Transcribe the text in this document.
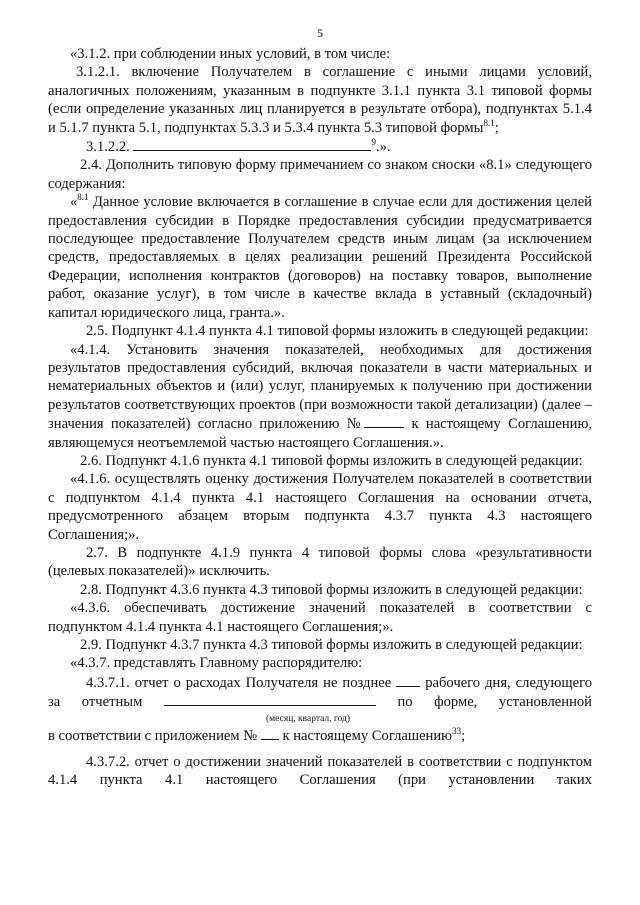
5

«3.1.2. при соблюдении иных условий, в том числе:

3.1.2.1. включение Получателем в соглашение с иными лицами условий, аналогичных положениям, указанным в подпункте 3.1.1 пункта 3.1 типовой формы (если определение указанных лиц планируется в результате отбора), подпунктах 5.1.4 и 5.1.7 пункта 5.1, подпунктах 5.3.3 и 5.3.4 пункта 5.3 типовой формы$^{8.1}$;

3.1.2.2.	$^9$.».

2.4. Дополнить типовую форму примечанием со знаком сноски «8.1» следующего содержания:

«$^{8.1}$ Данное условие включается в соглашение в случае если для достижения целей предоставления субсидии в Порядке предоставления субсидии предусматривается последующее предоставление Получателем средств иным лицам (за исключением средств, предоставляемых в целях реализации решений Президента Российской Федерации, исполнения контрактов (договоров) на поставку товаров, выполнение работ, оказание услуг), в том числе в качестве вклада в уставный (складочный) капитал юридического лица, гранта.».

2.5. Подпункт 4.1.4 пункта 4.1 типовой формы изложить в следующей редакции:

«4.1.4. Установить значения показателей, необходимых для достижения результатов предоставления субсидий, включая показатели в части материальных и нематериальных объектов и (или) услуг, планируемых к получению при достижении результатов соответствующих проектов (при возможности такой детализации) (далее – значения показателей) согласно приложению №	к настоящему Соглашению, являющемуся неотъемлемой частью настоящего Соглашения.».

2.6. Подпункт 4.1.6 пункта 4.1 типовой формы изложить в следующей редакции:

«4.1.6. осуществлять оценку достижения Получателем показателей в соответствии с подпунктом 4.1.4 пункта 4.1 настоящего Соглашения на основании отчета, предусмотренного абзацем вторым подпункта 4.3.7 пункта 4.3 настоящего Соглашения;».

2.7. В подпункте 4.1.9 пункта 4 типовой формы слова «результативности (целевых показателей)» исключить.

2.8. Подпункт 4.3.6 пункта 4.3 типовой формы изложить в следующей редакции:

«4.3.6. обеспечивать достижение значений показателей в соответствии с подпунктом 4.1.4 пункта 4.1 настоящего Соглашения;».

2.9. Подпункт 4.3.7 пункта 4.3 типовой формы изложить в следующей редакции:

«4.3.7. представлять Главному распорядителю:

4.3.7.1. отчет о расходах Получателя не позднее  рабочего дня, следующего за отчетным	по форме, установленной

(месяц, квартал, год)

в соответствии с приложением №  к настоящему Соглашению$^{33}$;

4.3.7.2. отчет о достижении значений показателей в соответствии с подпунктом 4.1.4 пункта 4.1 настоящего Соглашения (при установлении таких
